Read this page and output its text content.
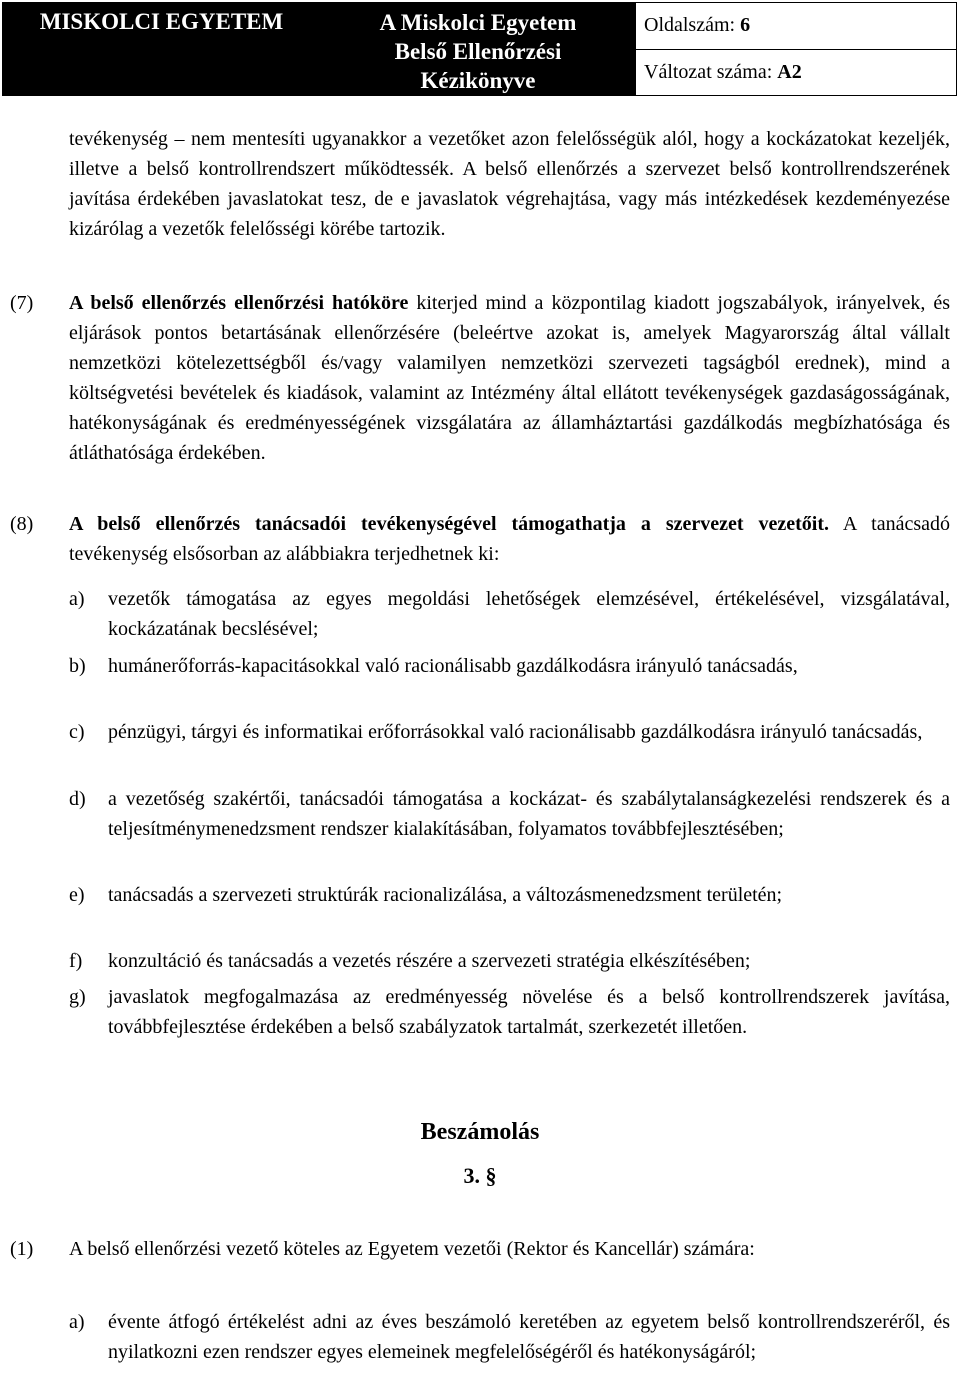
MISKOLCI EGYETEM	A Miskolci Egyetem
Belső Ellenőrzési
Kézikönyve
	Oldalszám: 6
Változat száma: A2

tevékenység – nem mentesíti ugyanakkor a vezetőket azon felelősségük alól, hogy a kockázatokat kezeljék, illetve a belső kontrollrendszert működtessék. A belső ellenőrzés a szervezet belső kontrollrendszerének javítása érdekében javaslatokat tesz, de e javaslatok végrehajtása, vagy más intézkedések kezdeményezése kizárólag a vezetők felelősségi körébe tartozik.

(7) A belső ellenőrzés ellenőrzési hatóköre kiterjed mind a központilag kiadott jogszabályok, irányelvek, és eljárások pontos betartásának ellenőrzésére (beleértve azokat is, amelyek Magyarország által vállalt nemzetközi kötelezettségből és/vagy valamilyen nemzetközi szervezeti tagságból erednek), mind a költségvetési bevételek és kiadások, valamint az Intézmény által ellátott tevékenységek gazdaságosságának, hatékonyságának és eredményességének vizsgálatára az államháztartási gazdálkodás megbízhatósága és átláthatósága érdekében.

(8) A belső ellenőrzés tanácsadói tevékenységével támogathatja a szervezet vezetőit. A tanácsadó tevékenység elsősorban az alábbiakra terjedhetnek ki:

a) vezetők támogatása az egyes megoldási lehetőségek elemzésével, értékelésével, vizsgálatával, kockázatának becslésével;

b) humánerőforrás-kapacitásokkal való racionálisabb gazdálkodásra irányuló tanácsadás,

c) pénzügyi, tárgyi és informatikai erőforrásokkal való racionálisabb gazdálkodásra irányuló tanácsadás,

d) a vezetőség szakértői, tanácsadói támogatása a kockázat- és szabálytalanságkezelési rendszerek és a teljesítménymenedzsment rendszer kialakításában, folyamatos továbbfejlesztésében;

e) tanácsadás a szervezeti struktúrák racionalizálása, a változásmenedzsment területén;

f) konzultáció és tanácsadás a vezetés részére a szervezeti stratégia elkészítésében;

g) javaslatok megfogalmazása az eredményesség növelése és a belső kontrollrendszerek javítása, továbbfejlesztése érdekében a belső szabályzatok tartalmát, szerkezetét illetően.

Beszámolás
3. §
(1) A belső ellenőrzési vezető köteles az Egyetem vezetői (Rektor és Kancellár) számára:

a) évente átfogó értékelést adni az éves beszámoló keretében az egyetem belső kontrollrendszeréről, és nyilatkozni ezen rendszer egyes elemeinek megfelelőségéről és hatékonyságáról;
